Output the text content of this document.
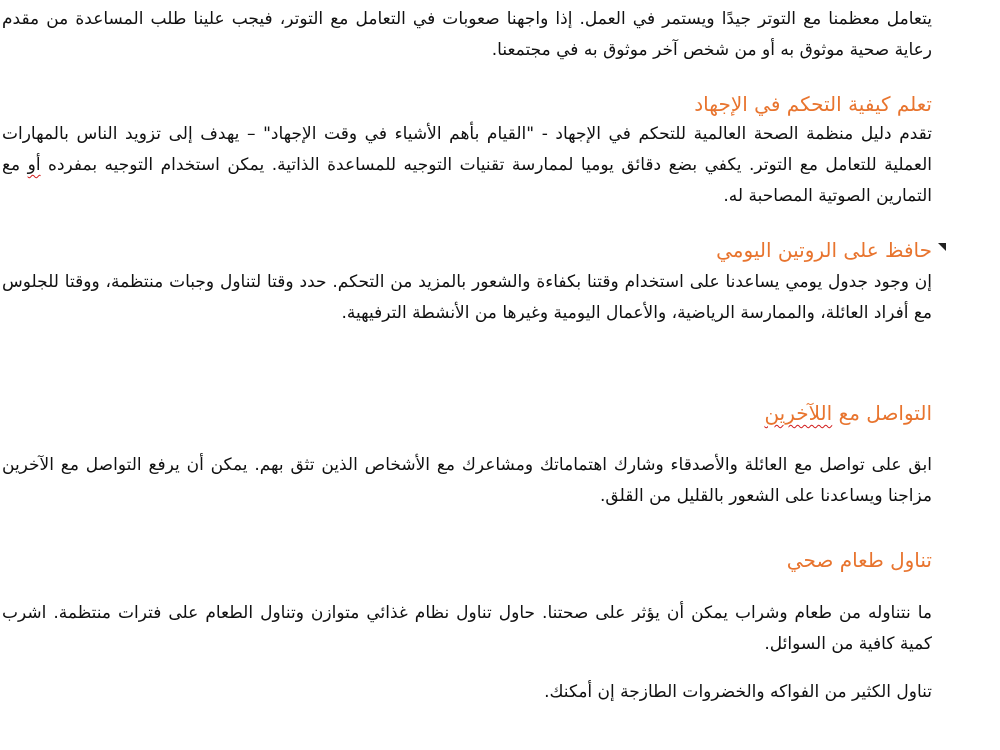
يتعامل معظمنا مع التوتر جيدًا ويستمر في العمل. إذا واجهنا صعوبات في التعامل مع التوتر، فيجب علينا طلب المساعدة من مقدم رعاية صحية موثوق به أو من شخص آخر موثوق به في مجتمعنا.

تعلم كيفية التحكم في الإجهاد

تقدم دليل منظمة الصحة العالمية للتحكم في الإجهاد - "القيام بأهم الأشياء في وقت الإجهاد" – يهدف إلى تزويد الناس بالمهارات العملية للتعامل مع التوتر. يكفي بضع دقائق يوميا لممارسة تقنيات التوجيه للمساعدة الذاتية. يمكن استخدام التوجيه بمفرده أو مع التمارين الصوتية المصاحبة له.

حافظ على الروتين اليومي

إن وجود جدول يومي يساعدنا على استخدام وقتنا بكفاءة والشعور بالمزيد من التحكم. حدد وقتا لتناول وجبات منتظمة، ووقتا للجلوس مع أفراد العائلة، والممارسة الرياضية، والأعمال اليومية وغيرها من الأنشطة الترفيهية.

التواصل مع اللآخرين

ابق على تواصل مع العائلة والأصدقاء وشارك اهتماماتك ومشاعرك مع الأشخاص الذين تثق بهم. يمكن أن يرفع التواصل مع الآخرين مزاجنا ويساعدنا على الشعور بالقليل من القلق.

تناول طعام صحي

ما نتناوله من طعام وشراب يمكن أن يؤثر على صحتنا. حاول تناول نظام غذائي متوازن وتناول الطعام على فترات منتظمة. اشرب كمية كافية من السوائل.

تناول الكثير من الفواكه والخضروات الطازجة إن أمكنك.
